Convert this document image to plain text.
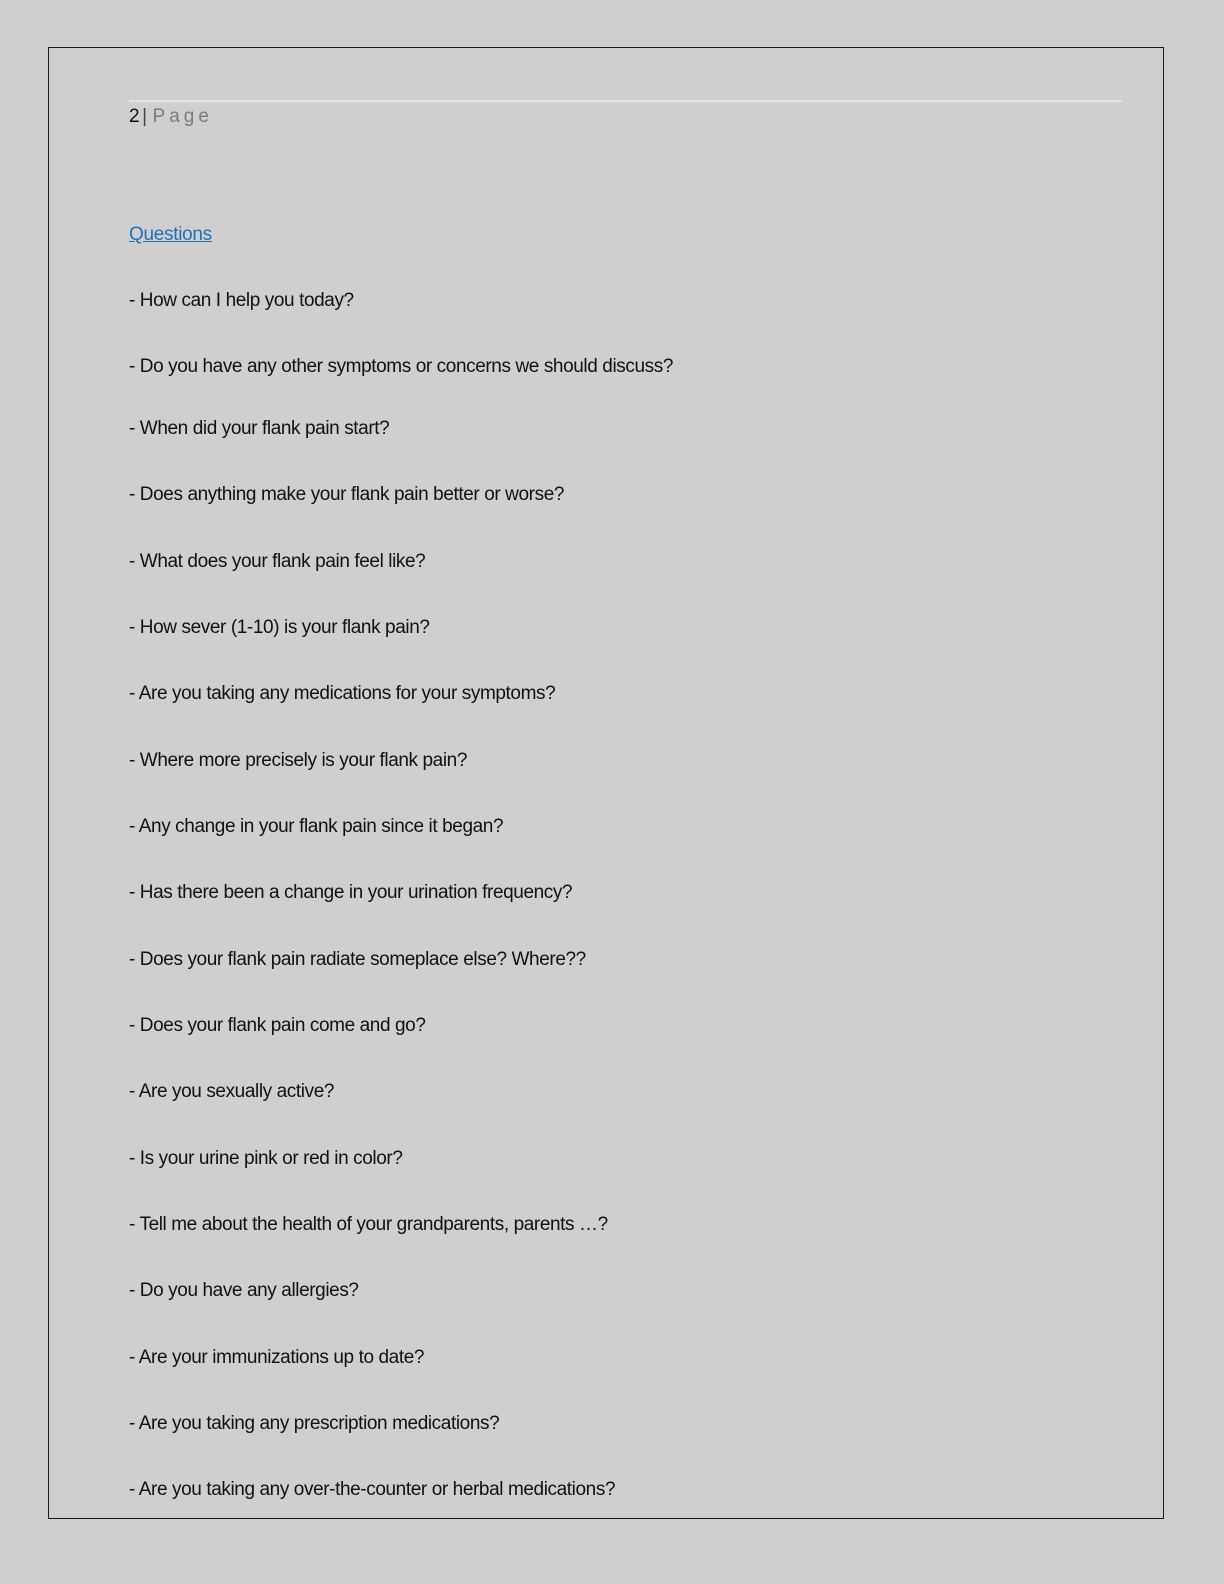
2 | Page
Questions
- How can I help you today?
- Do you have any other symptoms or concerns we should discuss?
- When did your flank pain start?
- Does anything make your flank pain better or worse?
- What does your flank pain feel like?
- How sever (1-10) is your flank pain?
- Are you taking any medications for your symptoms?
- Where more precisely is your flank pain?
- Any change in your flank pain since it began?
- Has there been a change in your urination frequency?
- Does your flank pain radiate someplace else? Where??
- Does your flank pain come and go?
- Are you sexually active?
- Is your urine pink or red in color?
- Tell me about the health of your grandparents, parents …?
- Do you have any allergies?
- Are your immunizations up to date?
- Are you taking any prescription medications?
- Are you taking any over-the-counter or herbal medications?
